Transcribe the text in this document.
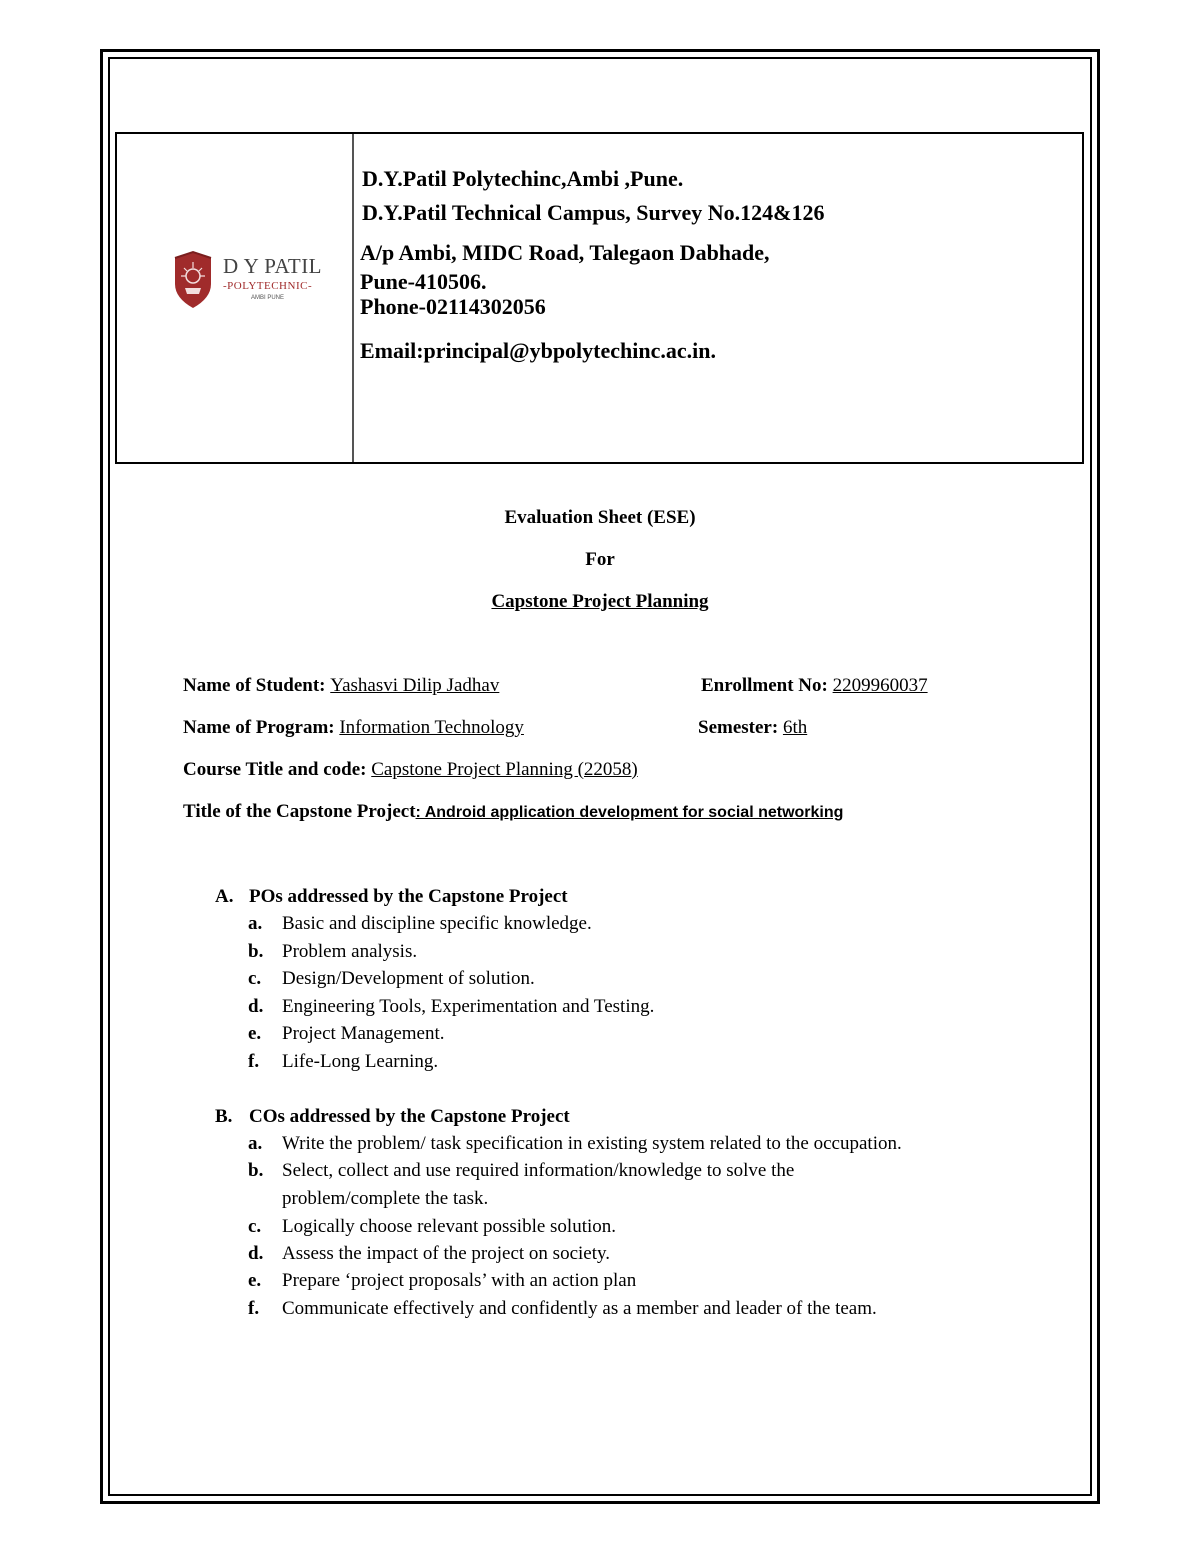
D Y PATIL
-POLYTECHNIC-
AMBI PUNE
D.Y.Patil Polytechinc,Ambi ,Pune.
D.Y.Patil Technical Campus, Survey No.124&126
A/p Ambi, MIDC Road, Talegaon Dabhade,
Pune-410506.
Phone-02114302056
Email:principal@ybpolytechinc.ac.in.
Evaluation Sheet (ESE)
For
Capstone Project Planning
Name of Student: Yashasvi Dilip Jadhav	Enrollment No: 2209960037
Name of Program: Information Technology	Semester: 6th
Course Title and code: Capstone Project Planning (22058)
Title of the Capstone Project: Android application development for social networking
A. POs addressed by the Capstone Project
a. Basic and discipline specific knowledge.
b. Problem analysis.
c. Design/Development of solution.
d. Engineering Tools, Experimentation and Testing.
e. Project Management.
f. Life-Long Learning.
B. COs addressed by the Capstone Project
a. Write the problem/ task specification in existing system related to the occupation.
b. Select, collect and use required information/knowledge to solve the
problem/complete the task.
c. Logically choose relevant possible solution.
d. Assess the impact of the project on society.
e. Prepare ‘project proposals’ with an action plan
f. Communicate effectively and confidently as a member and leader of the team.
